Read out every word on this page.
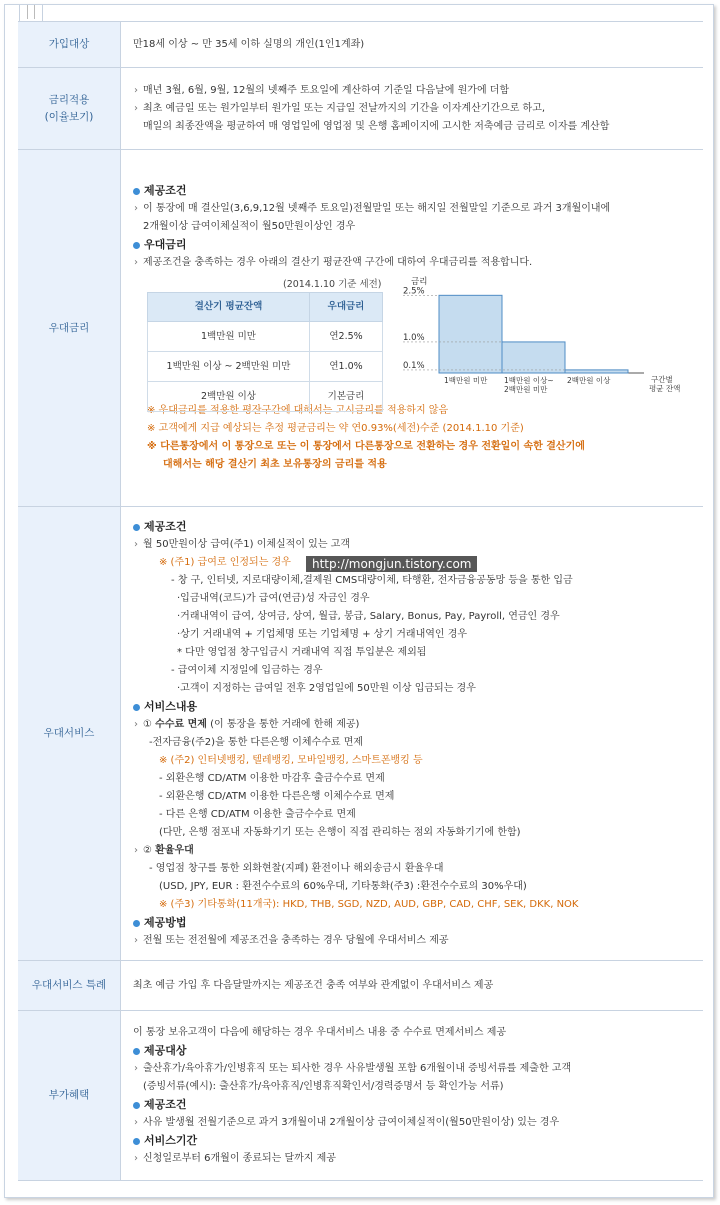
가입대상	만18세 이상 ~ 만 35세 이하 실명의 개인(1인1계좌)

금리적용
(이율보기)

› 매년 3월, 6월, 9월, 12월의 넷째주 토요일에 계산하여 기준일 다음날에 원가에 더함
› 최초 예금일 또는 원가일부터 원가일 또는 지급일 전날까지의 기간을 이자계산기간으로 하고,
매일의 최종잔액을 평균하여 매 영업일에 영업점 및 은행 홈페이지에 고시한 저축예금 금리로 이자를 계산함

우대금리	
제공조건
› 이 통장에 매 결산일(3,6,9,12월 넷째주 토요일)전월말일 또는 해지일 전월말일 기준으로 과거 3개월이내에
2개월이상 급여이체실적이 월50만원이상인 경우
우대금리
› 제공조건을 충족하는 경우 아래의 결산기 평균잔액 구간에 대하여 우대금리를 적용합니다.
(2014.1.10 기준 세전)
결산기 평균잔액	우대금리
1백만원 미만	연2.5%
1백만원 이상 ~ 2백만원 미만	연1.0%
2백만원 이상	기본금리
금리
2.5%
1.0%
0.1%
1백만원 미만 1백만원 이상~
2백만원 미만
2백만원 이상	구간별
평균 잔액
※ 우대금리를 적용한 평잔구간에 대해서는 고시금리를 적용하지 않음
※ 고객에게 지급 예상되는 추정 평균금리는 약 연0.93%(세전)수준 (2014.1.10 기준)
※ 다른통장에서 이 통장으로 또는 이 통장에서 다른통장으로 전환하는 경우 전환일이 속한 결산기에
대해서는 해당 결산기 최초 보유통장의 금리를 적용

우대서비스	
제공조건
› 월 50만원이상 급여(주1) 이체실적이 있는 고객
※ (주1) 급여로 인정되는 경우
- 창 구, 인터넷, 지로대량이체,결제원 CMS대량이체, 타행환, 전자금융공동망 등을 통한 입금
·입금내역(코드)가 급여(연금)성 자금인 경우
·거래내역이 급여, 상여금, 상여, 월급, 봉급, Salary, Bonus, Pay, Payroll, 연금인 경우
·상기 거래내역 + 기업체명 또는 기업체명 + 상기 거래내역인 경우
* 다만 영업점 창구입금시 거래내역 직접 투입분은 제외됨
- 급여이체 지정일에 입금하는 경우
·고객이 지정하는 급여일 전후 2영업일에 50만원 이상 입금되는 경우
서비스내용
› ① 수수료 면제 (이 통장을 통한 거래에 한해 제공)
-전자금융(주2)을 통한 다른은행 이체수수료 면제
※ (주2) 인터넷뱅킹, 텔레뱅킹, 모바일뱅킹, 스마트폰뱅킹 등
- 외환은행 CD/ATM 이용한 마감후 출금수수료 면제
- 외환은행 CD/ATM 이용한 다른은행 이체수수료 면제
- 다른 은행 CD/ATM 이용한 출금수수료 면제
(다만, 은행 점포내 자동화기기 또는 은행이 직접 관리하는 점외 자동화기기에 한함)
› ② 환율우대
- 영업점 창구를 통한 외화현찰(지폐) 환전이나 해외송금시 환율우대
(USD, JPY, EUR : 환전수수료의 60%우대, 기타통화(주3) :환전수수료의 30%우대)
※ (주3) 기타통화(11개국): HKD, THB, SGD, NZD, AUD, GBP, CAD, CHF, SEK, DKK, NOK
제공방법
› 전월 또는 전전월에 제공조건을 충족하는 경우 당월에 우대서비스 제공

우대서비스 특례	최초 예금 가입 후 다음달말까지는 제공조건 충족 여부와 관계없이 우대서비스 제공
부가혜택	
이 통장 보유고객이 다음에 해당하는 경우 우대서비스 내용 중 수수료 면제서비스 제공
제공대상
› 출산휴가/육아휴가/인병휴직 또는 퇴사한 경우 사유발생월 포함 6개월이내 증빙서류를 제출한 고객
(증빙서류(예시): 출산휴가/육아휴직/인병휴직확인서/경력증명서 등 확인가능 서류)
제공조건
› 사유 발생월 전월기준으로 과거 3개월이내 2개월이상 급여이체실적이(월50만원이상) 있는 경우
서비스기간
› 신청일로부터 6개월이 종료되는 달까지 제공
http://mongjun.tistory.com
